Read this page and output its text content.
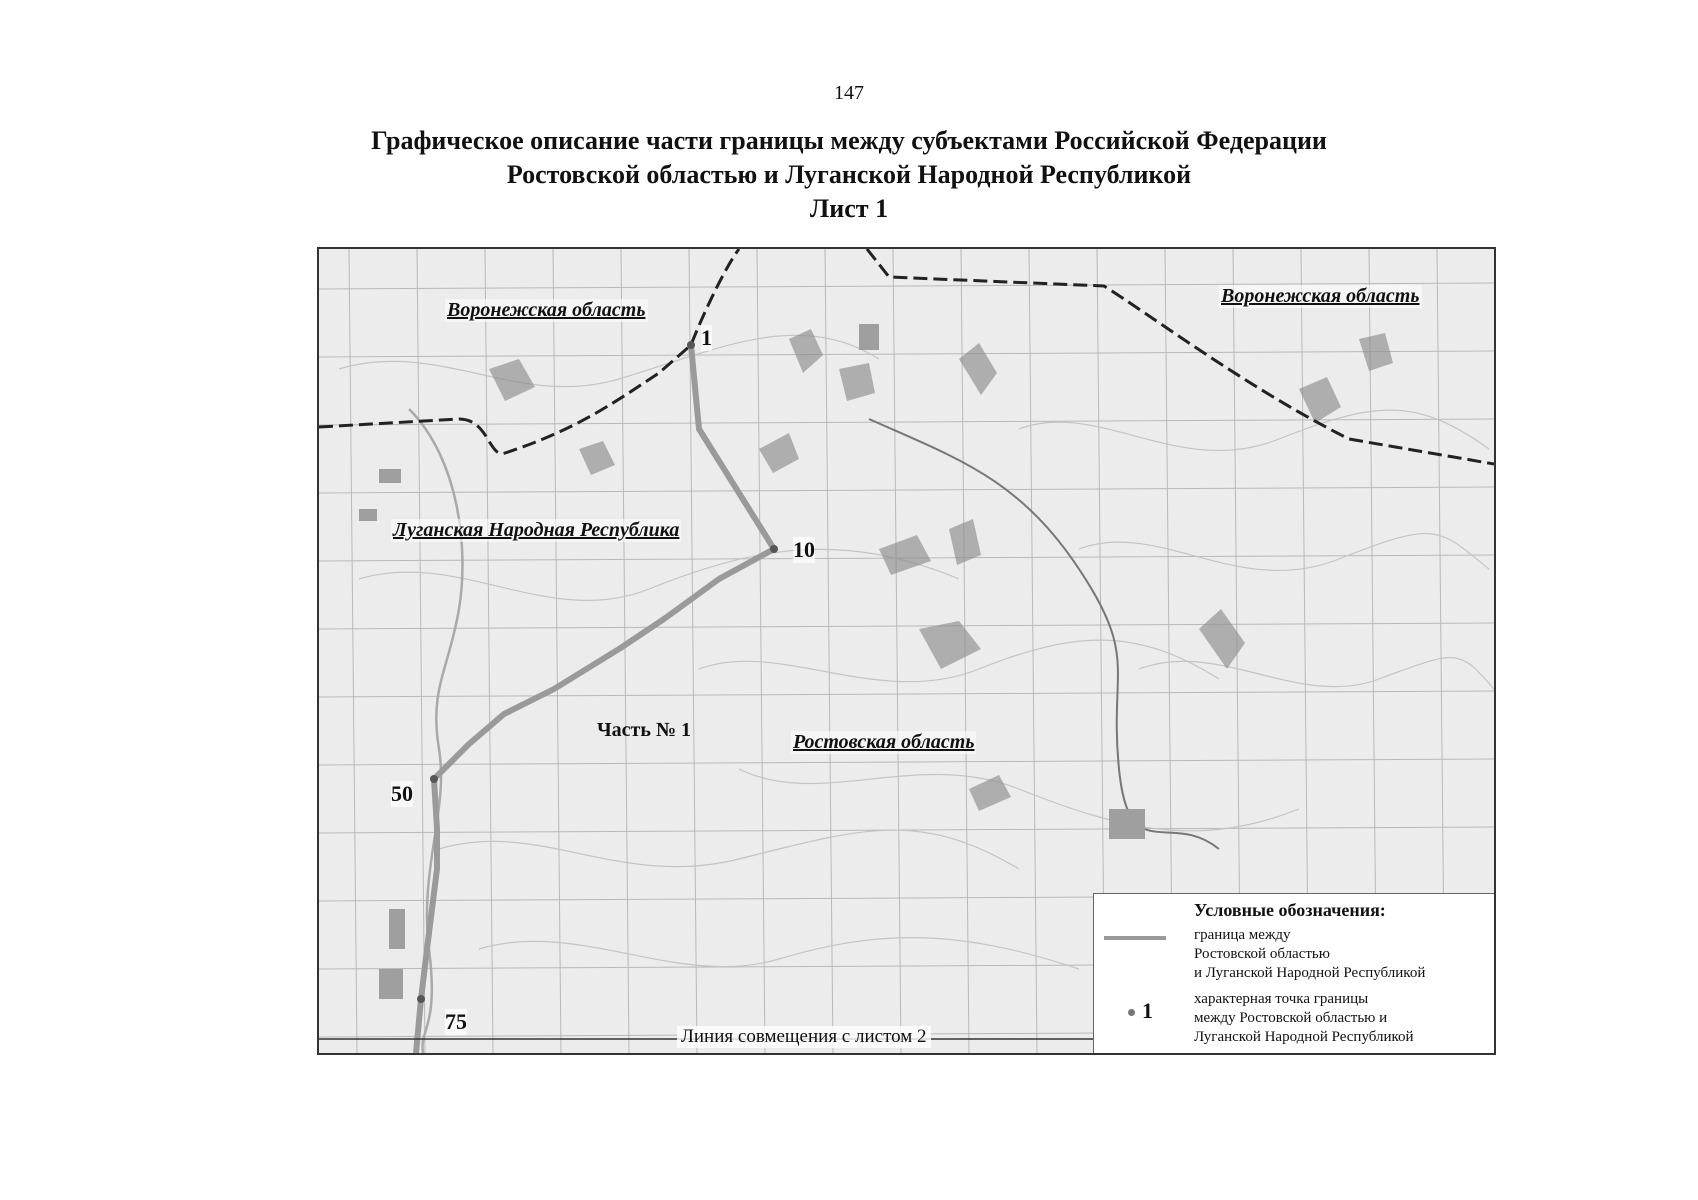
147
Графическое описание части границы между субъектами Российской Федерации
Ростовской областью и Луганской Народной Республикой
Лист 1
Воронежская область
Воронежская область
Луганская Народная Республика
Ростовская область
1
10
50
75
Часть № 1
Линия совмещения с листом 2
Условные обозначения:
граница между
Ростовской областью
и Луганской Народной Республикой
1	характерная точка границы
между Ростовской областью и
Луганской Народной Республикой
